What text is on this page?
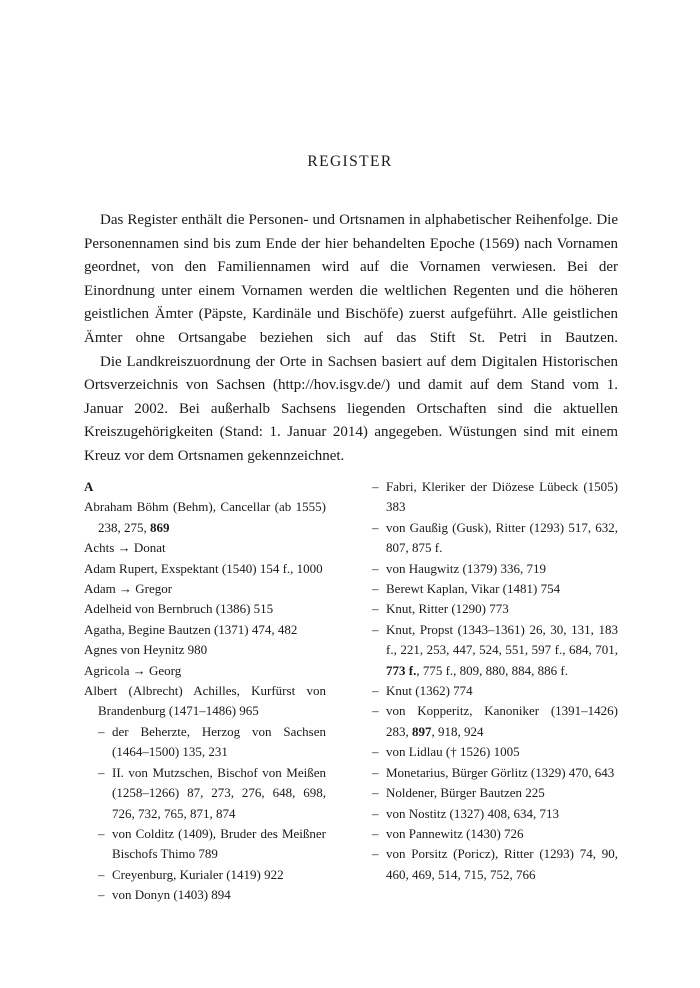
REGISTER

Das Register enthält die Personen- und Ortsnamen in alphabetischer Reihenfolge. Die Personennamen sind bis zum Ende der hier behandelten Epoche (1569) nach Vornamen geordnet, von den Familiennamen wird auf die Vornamen verwiesen. Bei der Einordnung unter einem Vornamen werden die weltlichen Regenten und die höheren geistlichen Ämter (Päpste, Kardinäle und Bischöfe) zuerst aufgeführt. Alle geistlichen Ämter ohne Ortsangabe beziehen sich auf das Stift St. Petri in Bautzen.

Die Landkreiszuordnung der Orte in Sachsen basiert auf dem Digitalen Historischen Ortsverzeichnis von Sachsen (http://hov.isgv.de/) und damit auf dem Stand vom 1. Januar 2002. Bei außerhalb Sachsens liegenden Ortschaften sind die aktuellen Kreiszugehörigkeiten (Stand: 1. Januar 2014) angegeben. Wüstungen sind mit einem Kreuz vor dem Ortsnamen gekennzeichnet.

A
Abraham Böhm (Behm), Cancellar (ab 1555) 238, 275, 869
Achts → Donat
Adam Rupert, Exspektant (1540) 154 f., 1000
Adam → Gregor
Adelheid von Bernbruch (1386) 515
Agatha, Begine Bautzen (1371) 474, 482
Agnes von Heynitz 980
Agricola → Georg
Albert (Albrecht) Achilles, Kurfürst von Brandenburg (1471–1486) 965
– der Beherzte, Herzog von Sachsen (1464–1500) 135, 231
– II. von Mutzschen, Bischof von Meißen (1258–1266) 87, 273, 276, 648, 698, 726, 732, 765, 871, 874
– von Colditz (1409), Bruder des Meißner Bischofs Thimo 789
– Creyenburg, Kurialer (1419) 922
– von Donyn (1403) 894
– Fabri, Kleriker der Diözese Lübeck (1505) 383
– von Gaußig (Gusk), Ritter (1293) 517, 632, 807, 875 f.
– von Haugwitz (1379) 336, 719
– Berewt Kaplan, Vikar (1481) 754
– Knut, Ritter (1290) 773
– Knut, Propst (1343–1361) 26, 30, 131, 183 f., 221, 253, 447, 524, 551, 597 f., 684, 701, 773 f., 775 f., 809, 880, 884, 886 f.
– Knut (1362) 774
– von Kopperitz, Kanoniker (1391–1426) 283, 897, 918, 924
– von Lidlau († 1526) 1005
– Monetarius, Bürger Görlitz (1329) 470, 643
– Noldener, Bürger Bautzen 225
– von Nostitz (1327) 408, 634, 713
– von Pannewitz (1430) 726
– von Porsitz (Poricz), Ritter (1293) 74, 90, 460, 469, 514, 715, 752, 766
